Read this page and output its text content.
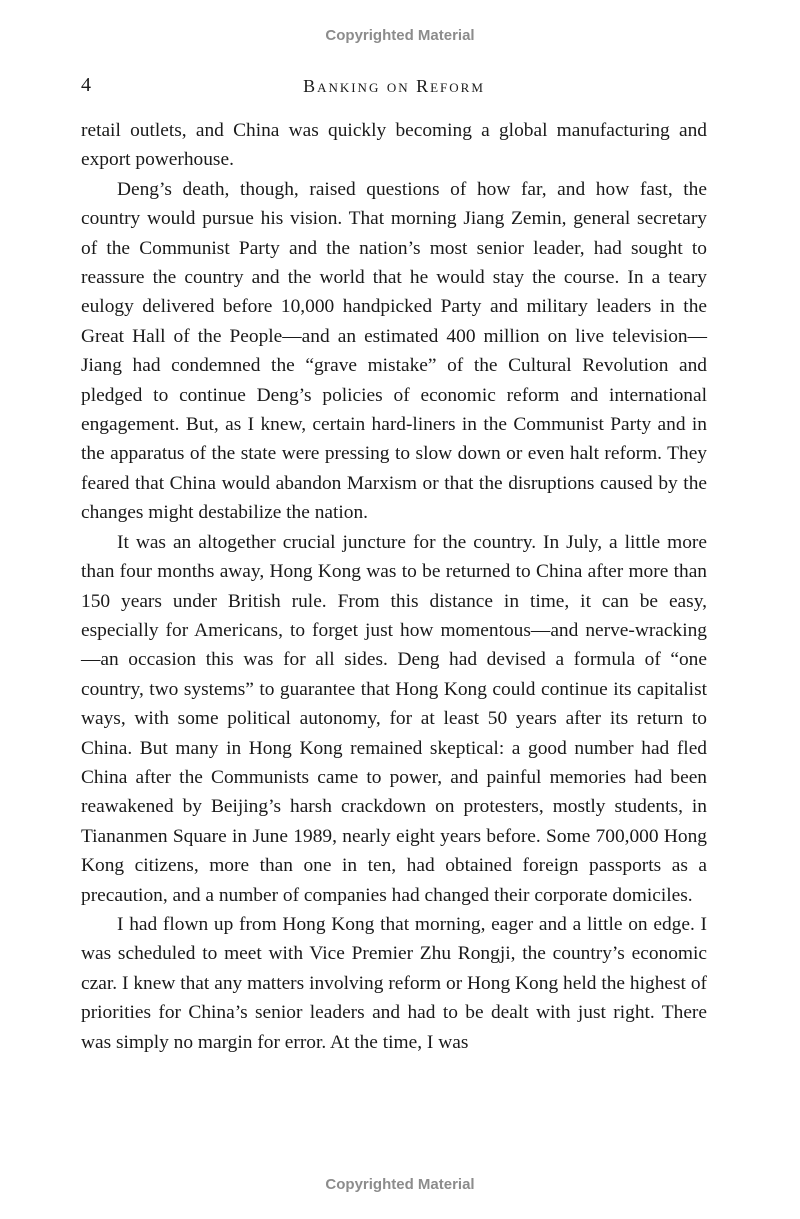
Copyrighted Material
4	Banking on Reform

retail outlets, and China was quickly becoming a global manufacturing and export powerhouse.

Deng’s death, though, raised questions of how far, and how fast, the country would pursue his vision. That morning Jiang Zemin, general secretary of the Communist Party and the nation’s most senior leader, had sought to reassure the country and the world that he would stay the course. In a teary eulogy delivered before 10,000 handpicked Party and military leaders in the Great Hall of the People—and an estimated 400 million on live television—Jiang had condemned the “grave mistake” of the Cultural Revolution and pledged to continue Deng’s policies of economic reform and international engagement. But, as I knew, certain hard-liners in the Communist Party and in the apparatus of the state were pressing to slow down or even halt reform. They feared that China would abandon Marxism or that the disruptions caused by the changes might destabilize the nation.

It was an altogether crucial juncture for the country. In July, a little more than four months away, Hong Kong was to be returned to China after more than 150 years under British rule. From this distance in time, it can be easy, especially for Americans, to forget just how momentous—and nerve-wracking—an occasion this was for all sides. Deng had devised a formula of “one country, two systems” to guarantee that Hong Kong could continue its capitalist ways, with some political autonomy, for at least 50 years after its return to China. But many in Hong Kong remained skeptical: a good number had fled China after the Communists came to power, and painful memories had been reawakened by Beijing’s harsh crackdown on protesters, mostly students, in Tiananmen Square in June 1989, nearly eight years before. Some 700,000 Hong Kong citizens, more than one in ten, had obtained foreign passports as a precaution, and a number of companies had changed their corporate domiciles.

I had flown up from Hong Kong that morning, eager and a little on edge. I was scheduled to meet with Vice Premier Zhu Rongji, the country’s economic czar. I knew that any matters involving reform or Hong Kong held the highest of priorities for China’s senior leaders and had to be dealt with just right. There was simply no margin for error. At the time, I was

Copyrighted Material
